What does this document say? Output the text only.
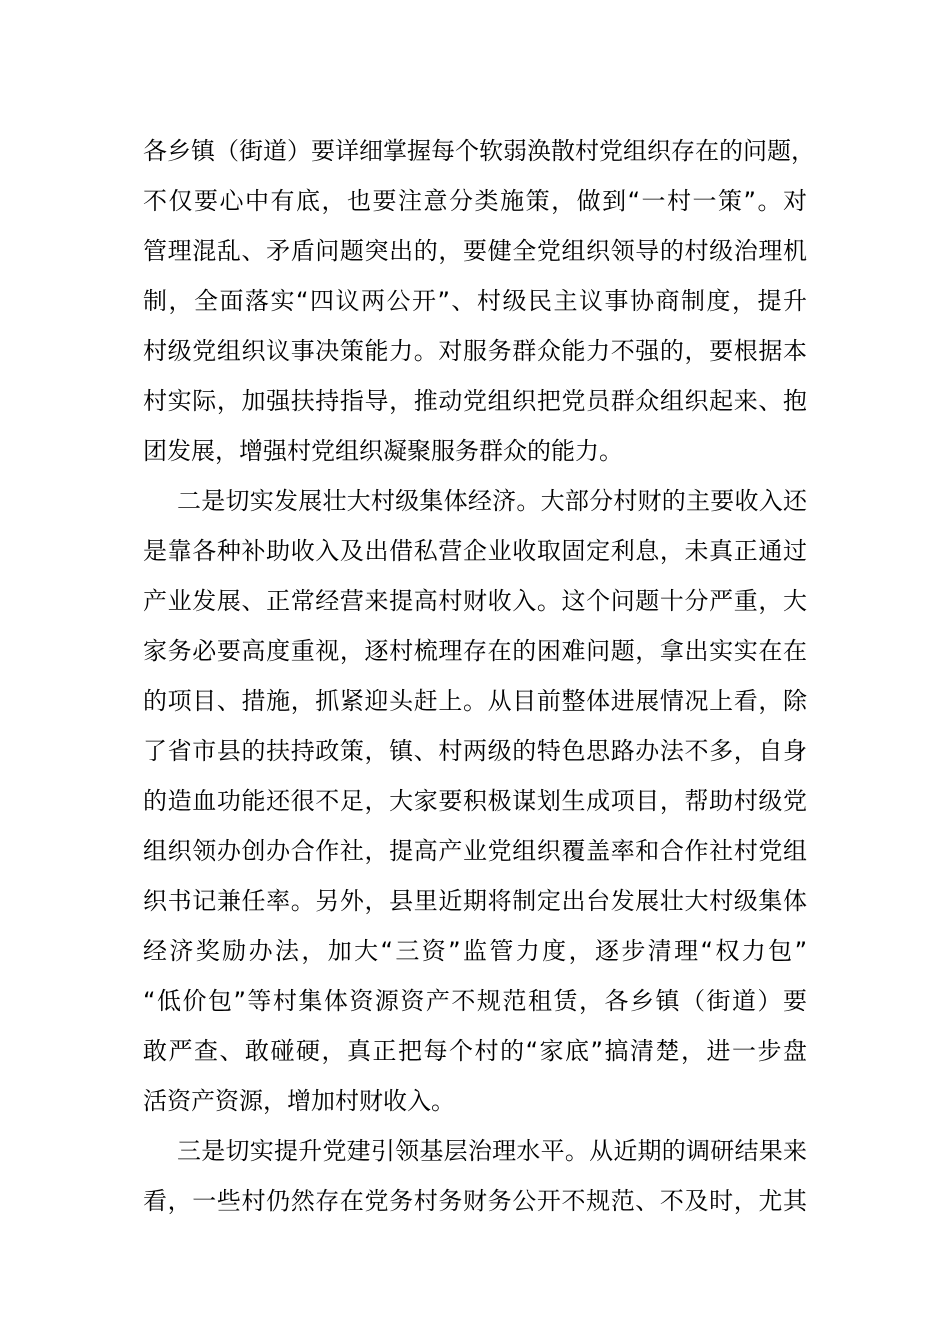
各乡镇（街道）要详细掌握每个软弱涣散村党组织存在的问题，
不仅要心中有底，也要注意分类施策，做到“一村一策”。对
管理混乱、矛盾问题突出的，要健全党组织领导的村级治理机
制，全面落实“四议两公开”、村级民主议事协商制度，提升
村级党组织议事决策能力。对服务群众能力不强的，要根据本
村实际，加强扶持指导，推动党组织把党员群众组织起来、抱
团发展，增强村党组织凝聚服务群众的能力。
二是切实发展壮大村级集体经济。大部分村财的主要收入还
是靠各种补助收入及出借私营企业收取固定利息，未真正通过
产业发展、正常经营来提高村财收入。这个问题十分严重，大
家务必要高度重视，逐村梳理存在的困难问题，拿出实实在在
的项目、措施，抓紧迎头赶上。从目前整体进展情况上看，除
了省市县的扶持政策，镇、村两级的特色思路办法不多，自身
的造血功能还很不足，大家要积极谋划生成项目，帮助村级党
组织领办创办合作社，提高产业党组织覆盖率和合作社村党组
织书记兼任率。另外，县里近期将制定出台发展壮大村级集体
经济奖励办法，加大“三资”监管力度，逐步清理“权力包”
“低价包”等村集体资源资产不规范租赁，各乡镇（街道）要
敢严查、敢碰硬，真正把每个村的“家底”搞清楚，进一步盘
活资产资源，增加村财收入。
三是切实提升党建引领基层治理水平。从近期的调研结果来
看，一些村仍然存在党务村务财务公开不规范、不及时，尤其
